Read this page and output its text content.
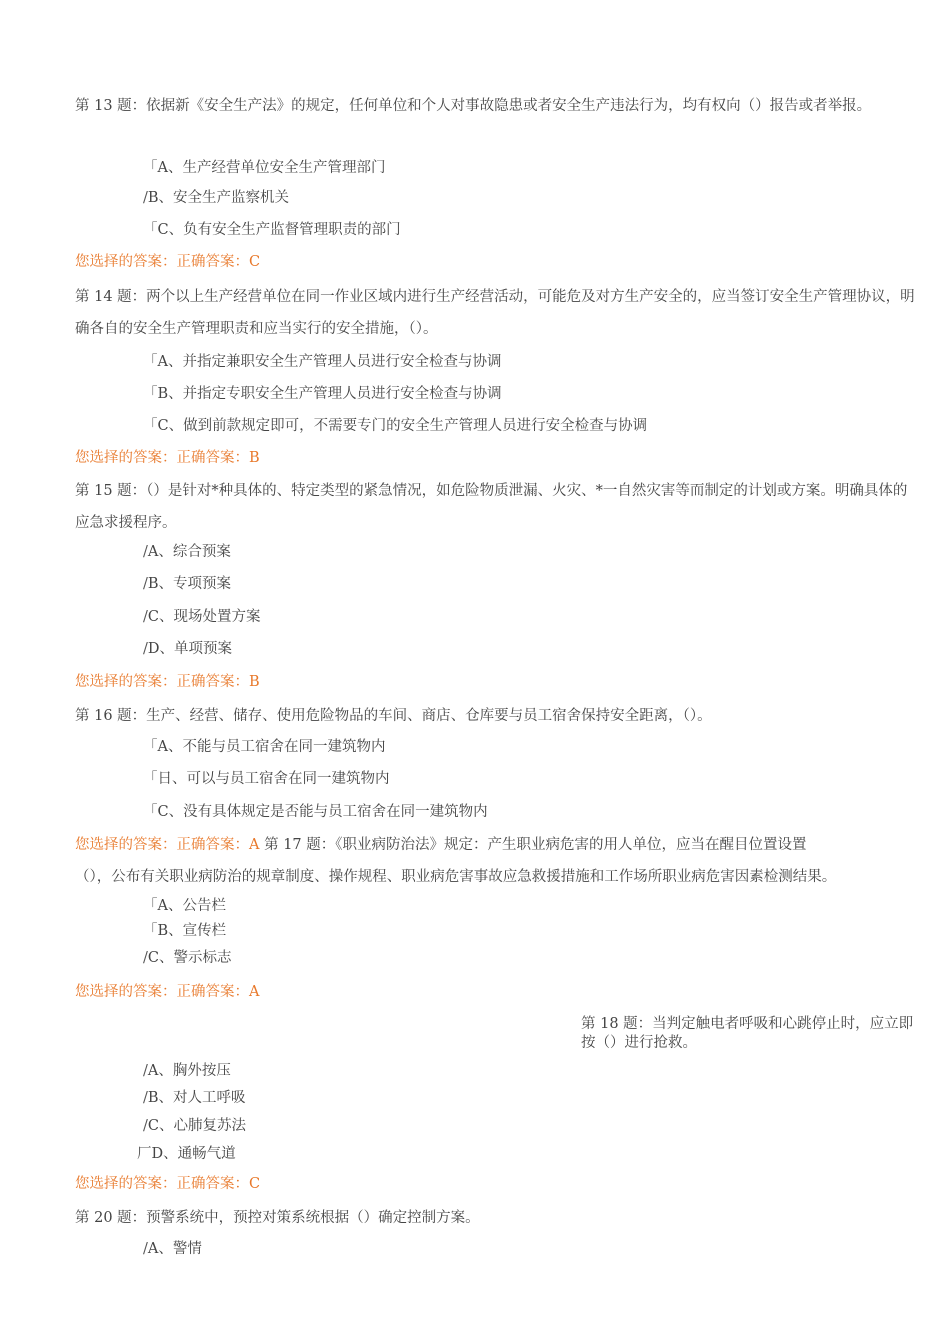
第 13 题：依据新《安全生产法》的规定，任何单位和个人对事故隐患或者安全生产违法行为，均有权向（）报告或者举报。
「A、生产经营单位安全生产管理部门
/B、安全生产监察机关
「C、负有安全生产监督管理职责的部门
您选择的答案：正确答案：C
第 14 题：两个以上生产经营单位在同一作业区域内进行生产经营活动，可能危及对方生产安全的，应当签订安全生产管理协议，明确各自的安全生产管理职责和应当实行的安全措施，（）。
「A、并指定兼职安全生产管理人员进行安全检查与协调
「B、并指定专职安全生产管理人员进行安全检查与协调
「C、做到前款规定即可，不需要专门的安全生产管理人员进行安全检查与协调
您选择的答案：正确答案：B
第 15 题：（）是针对*种具体的、特定类型的紧急情况，如危险物质泄漏、火灾、*一自然灾害等而制定的计划或方案。明确具体的应急求援程序。
/A、综合预案
/B、专项预案
/C、现场处置方案
/D、单项预案
您选择的答案：正确答案：B
第 16 题：生产、经营、储存、使用危险物品的车间、商店、仓库要与员工宿舍保持安全距离，（）。
「A、不能与员工宿舍在同一建筑物内
「日、可以与员工宿舍在同一建筑物内
「C、没有具体规定是否能与员工宿舍在同一建筑物内
您选择的答案：正确答案：A 第 17 题：《职业病防治法》规定：产生职业病危害的用人单位，应当在醒目位置设置
（），公布有关职业病防治的规章制度、操作规程、职业病危害事故应急救援措施和工作场所职业病危害因素检测结果。
「A、公告栏
「B、宣传栏
/C、警示标志
您选择的答案：正确答案：A
第 18 题：当判定触电者呼吸和心跳停止时，应立即按（）进行抢救。
/A、胸外按压
/B、对人工呼吸
/C、心肺复苏法
厂D、通畅气道
您选择的答案：正确答案：C
第 20 题：预警系统中，预控对策系统根据（）确定控制方案。
/A、警情
